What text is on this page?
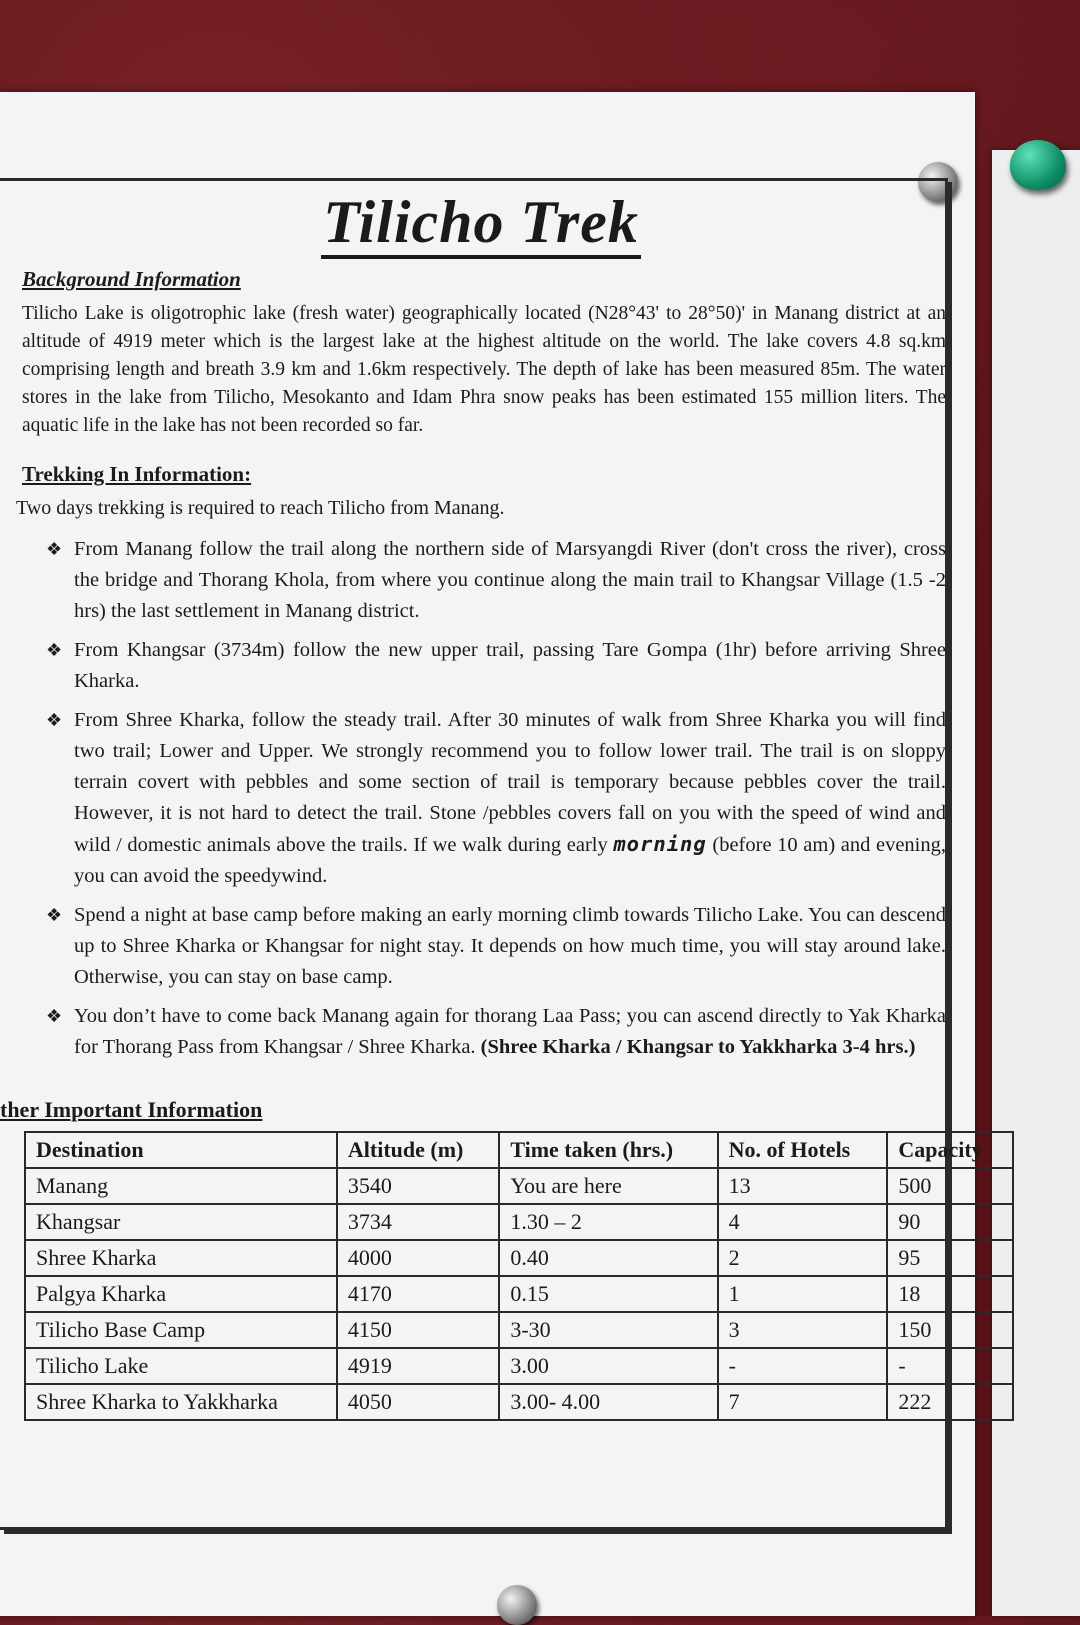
Tilicho Trek
Background Information

Tilicho Lake is oligotrophic lake (fresh water) geographically located (N28°43' to 28°50)' in Manang district at an altitude of 4919 meter which is the largest lake at the highest altitude on the world. The lake covers 4.8 sq.km comprising length and breath 3.9 km and 1.6km respectively. The depth of lake has been measured 85m. The water stores in the lake from Tilicho, Mesokanto and Idam Phra snow peaks has been estimated 155 million liters. The aquatic life in the lake has not been recorded so far.

Trekking In Information:
Two days trekking is required to reach Tilicho from Manang.
❖ From Manang follow the trail along the northern side of Marsyangdi River (don't cross the river), cross the bridge and Thorang Khola, from where you continue along the main trail to Khangsar Village (1.5 -2 hrs) the last settlement in Manang district.
❖ From Khangsar (3734m) follow the new upper trail, passing Tare Gompa (1hr) before arriving Shree Kharka.
❖ From Shree Kharka, follow the steady trail. After 30 minutes of walk from Shree Kharka you will find two trail; Lower and Upper. We strongly recommend you to follow lower trail. The trail is on sloppy terrain covert with pebbles and some section of trail is temporary because pebbles cover the trail. However, it is not hard to detect the trail. Stone /pebbles covers fall on you with the speed of wind and wild / domestic animals above the trails. If we walk during early morning (before 10 am) and evening, you can avoid the speedywind.
❖ Spend a night at base camp before making an early morning climb towards Tilicho Lake. You can descend up to Shree Kharka or Khangsar for night stay. It depends on how much time, you will stay around lake. Otherwise, you can stay on base camp.
❖ You don’t have to come back Manang again for thorang Laa Pass; you can ascend directly to Yak Kharka for Thorang Pass from Khangsar / Shree Kharka. (Shree Kharka / Khangsar to Yakkharka 3-4 hrs.)
ther Important Information
Destination	Altitude (m)	Time taken (hrs.)	No. of Hotels	Capacity
Manang	3540	You are here	13	500
Khangsar	3734	1.30 – 2	4	90
Shree Kharka	4000	0.40	2	95
Palgya Kharka	4170	0.15	1	18
Tilicho Base Camp	4150	3-30	3	150
Tilicho Lake	4919	3.00	-	-
Shree Kharka to Yakkharka	4050	3.00- 4.00	7	222
